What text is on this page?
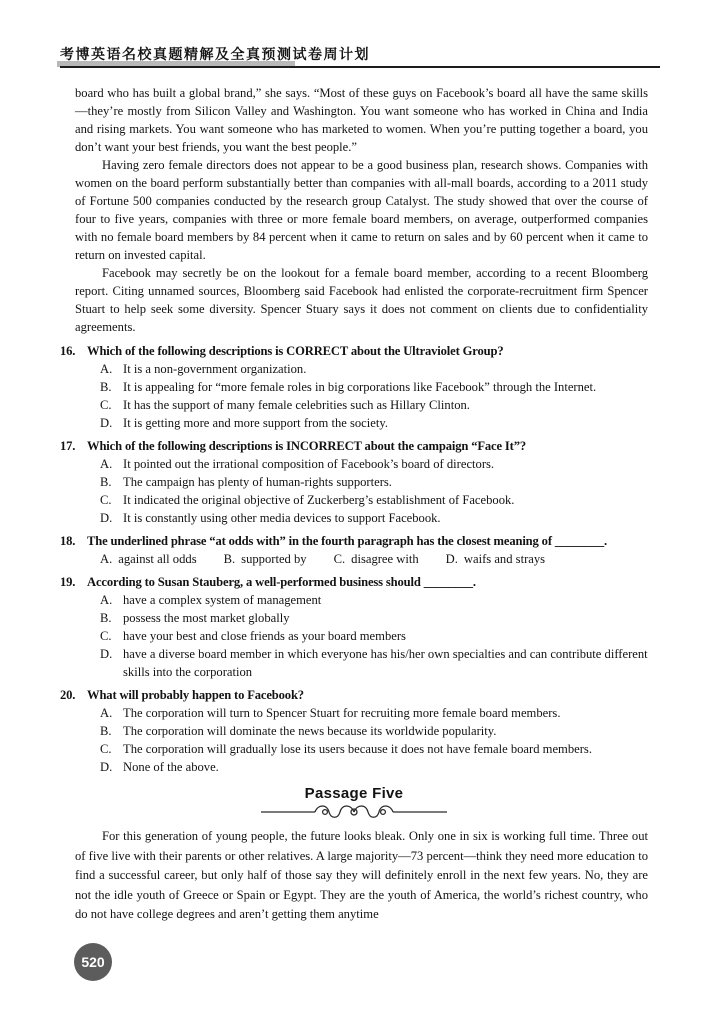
考博英语名校真题精解及全真预测试卷周计划

board who has built a global brand,” she says. “Most of these guys on Facebook’s board all have the same skills—they’re mostly from Silicon Valley and Washington. You want someone who has worked in China and India and rising markets. You want someone who has marketed to women. When you’re putting together a board, you don’t want your best friends, you want the best people.”

Having zero female directors does not appear to be a good business plan, research shows. Companies with women on the board perform substantially better than companies with all-mall boards, according to a 2011 study of Fortune 500 companies conducted by the research group Catalyst. The study showed that over the course of four to five years, companies with three or more female board members, on average, outperformed companies with no female board members by 84 percent when it came to return on sales and by 60 percent when it came to return on invested capital.

Facebook may secretly be on the lookout for a female board member, according to a recent Bloomberg report. Citing unnamed sources, Bloomberg said Facebook had enlisted the corporate-recruitment firm Spencer Stuart to help seek some diversity. Spencer Stuary says it does not comment on clients due to confidentiality agreements.

16. Which of the following descriptions is CORRECT about the Ultraviolet Group?
A. It is a non-government organization.
B. It is appealing for “more female roles in big corporations like Facebook” through the Internet.
C. It has the support of many female celebrities such as Hillary Clinton.
D. It is getting more and more support from the society.
17. Which of the following descriptions is INCORRECT about the campaign “Face It”?
A. It pointed out the irrational composition of Facebook’s board of directors.
B. The campaign has plenty of human-rights supporters.
C. It indicated the original objective of Zuckerberg’s establishment of Facebook.
D. It is constantly using other media devices to support Facebook.
18. The underlined phrase “at odds with” in the fourth paragraph has the closest meaning of ________.
A. against all odds B. supported by C. disagree with D. waifs and strays
19. According to Susan Stauberg, a well-performed business should ________.
A. have a complex system of management
B. possess the most market globally
C. have your best and close friends as your board members
D. have a diverse board member in which everyone has his/her own specialties and can contribute different skills into the corporation
20. What will probably happen to Facebook?
A. The corporation will turn to Spencer Stuart for recruiting more female board members.
B. The corporation will dominate the news because its worldwide popularity.
C. The corporation will gradually lose its users because it does not have female board members.
D. None of the above.
Passage Five

For this generation of young people, the future looks bleak. Only one in six is working full time. Three out of five live with their parents or other relatives. A large majority—73 percent—think they need more education to find a successful career, but only half of those say they will definitely enroll in the next few years. No, they are not the idle youth of Greece or Spain or Egypt. They are the youth of America, the world’s richest country, who do not have college degrees and aren’t getting them anytime

520
